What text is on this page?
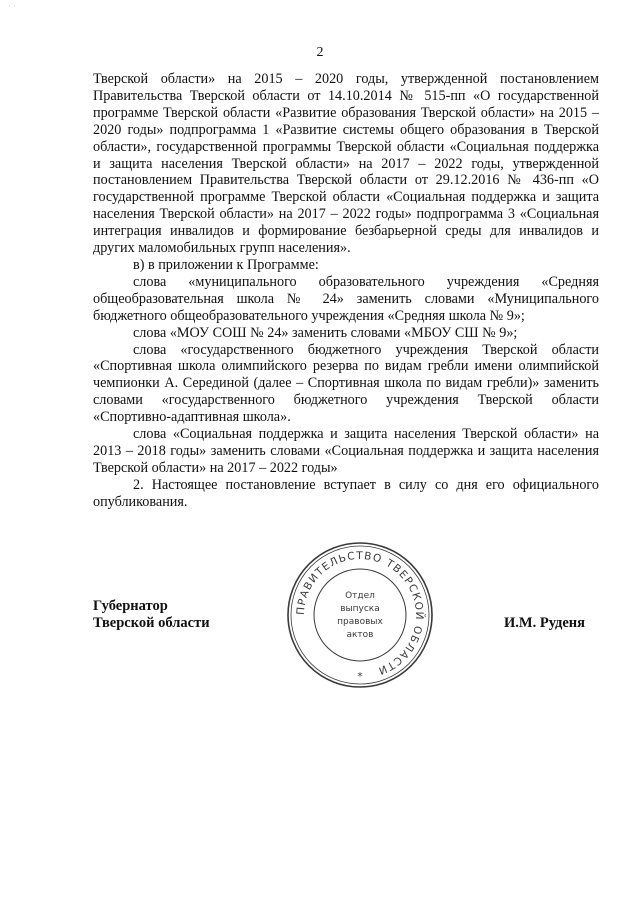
· ·
2

Тверской области» на 2015 – 2020 годы, утвержденной постановлением Правительства Тверской области от 14.10.2014 № 515-пп «О государственной программе Тверской области «Развитие образования Тверской области» на 2015 – 2020 годы» подпрограмма 1 «Развитие системы общего образования в Тверской области», государственной программы Тверской области «Социальная поддержка и защита населения Тверской области» на 2017 – 2022 годы, утвержденной постановлением Правительства Тверской области от 29.12.2016 № 436-пп «О государственной программе Тверской области «Социальная поддержка и защита населения Тверской области» на 2017 – 2022 годы» подпрограмма 3 «Социальная интеграция инвалидов и формирование безбарьерной среды для инвалидов и других маломобильных групп населения».

в) в приложении к Программе:

слова «муниципального образовательного учреждения «Средняя общеобразовательная школа № 24» заменить словами «Муниципального бюджетного общеобразовательного учреждения «Средняя школа № 9»;

слова «МОУ СОШ № 24» заменить словами «МБОУ СШ № 9»;

слова «государственного бюджетного учреждения Тверской области «Спортивная школа олимпийского резерва по видам гребли имени олимпийской чемпионки А. Серединой (далее – Спортивная школа по видам гребли)» заменить словами «государственного бюджетного учреждения Тверской области «Спортивно-адаптивная школа».

слова «Социальная поддержка и защита населения Тверской области» на 2013 – 2018 годы» заменить словами «Социальная поддержка и защита населения Тверской области» на 2017 – 2022 годы»

2. Настоящее постановление вступает в силу со дня его официального опубликования.

Губернатор
Тверской области	И.М. Руденя
ПРАВИТЕЛЬСТВО ТВЕРСКОЙ ОБЛАСТИ
Отдел
выпуска
правовых
актов
*
